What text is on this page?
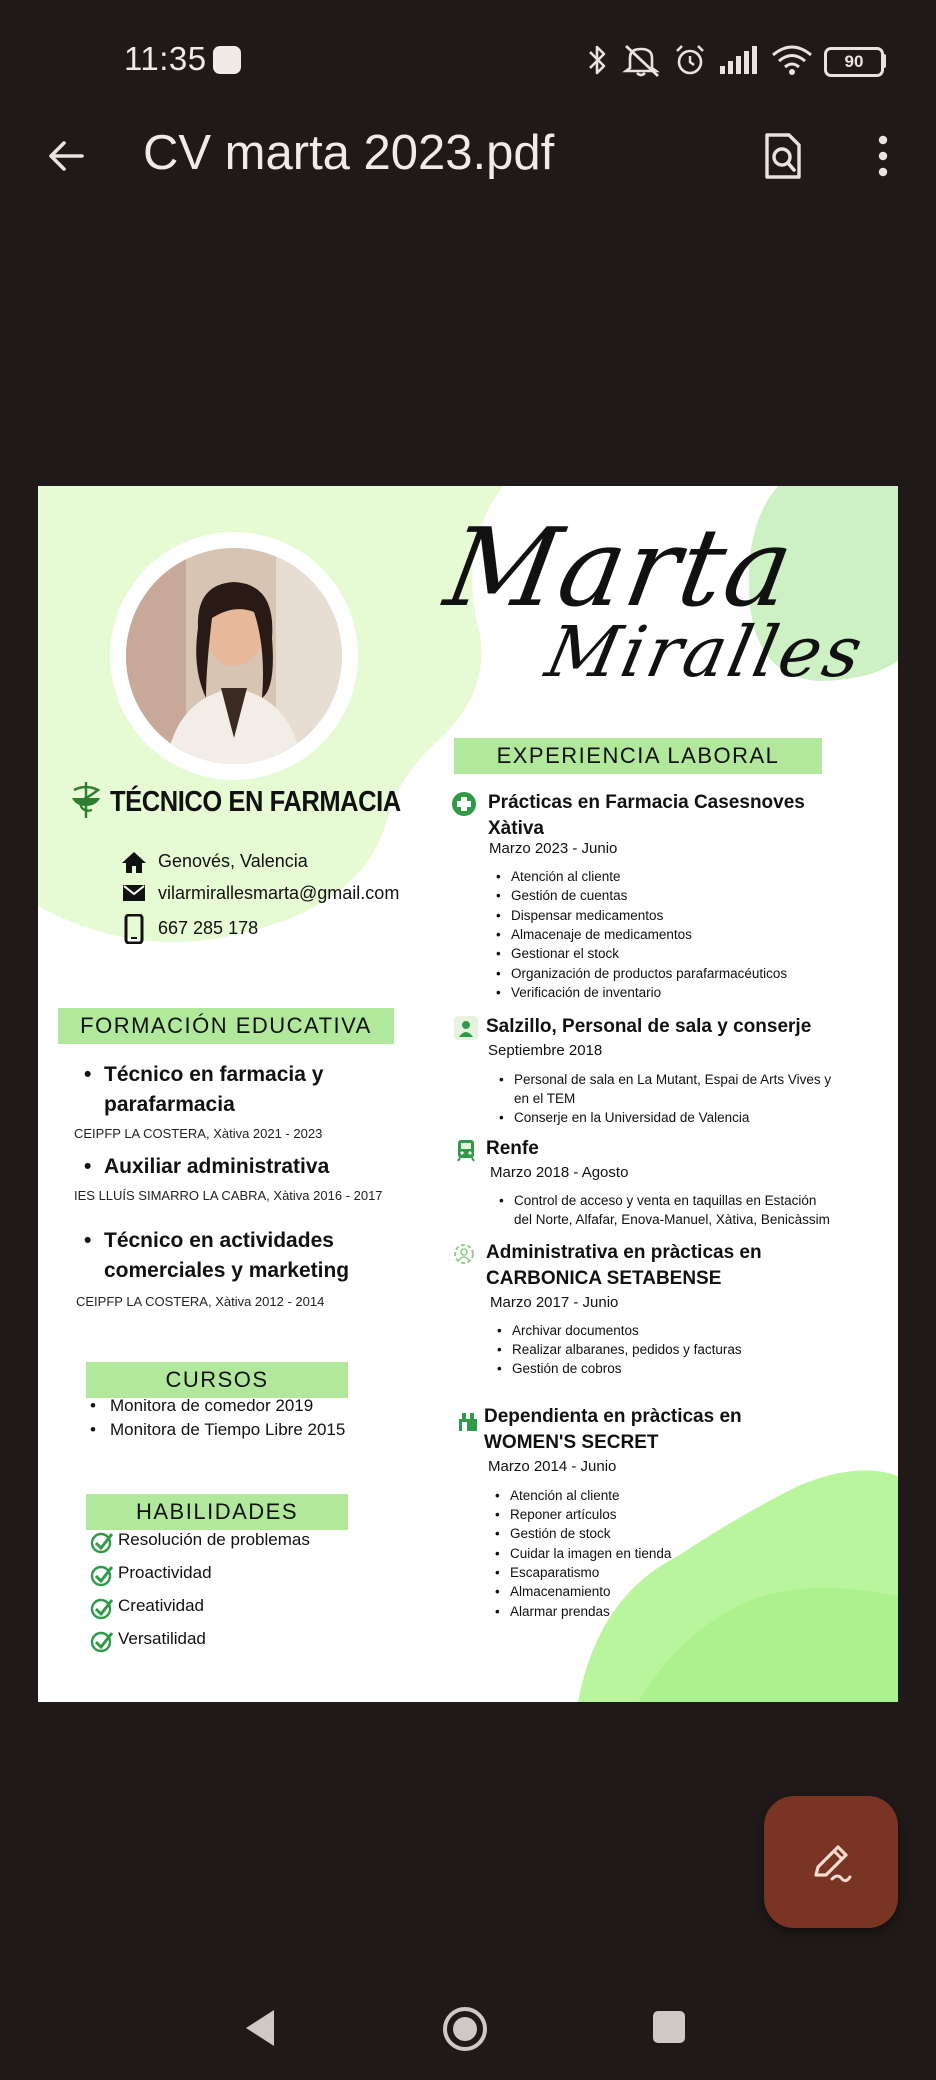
11:35	90
CV marta 2023.pdf
Marta
Miralles
TÉCNICO EN FARMACIA
Genovés, Valencia
vilarmirallesmarta@gmail.com
667 285 178
FORMACIÓN EDUCATIVA
• Técnico en farmacia y
parafarmacia
CEIPFP LA COSTERA, Xàtiva 2021 - 2023
• Auxiliar administrativa
IES LLUÍS SIMARRO LA CABRA, Xàtiva 2016 - 2017
• Técnico en actividades
comerciales y marketing
CEIPFP LA COSTERA, Xàtiva 2012 - 2014
CURSOS
• Monitora de comedor 2019
• Monitora de Tiempo Libre 2015
HABILIDADES
Resolución de problemas
Proactividad
Creatividad
Versatilidad
EXPERIENCIA LABORAL
Prácticas en Farmacia Casesnoves
Xàtiva
Marzo 2023 - Junio
• Atención al cliente
• Gestión de cuentas
• Dispensar medicamentos
• Almacenaje de medicamentos
• Gestionar el stock
• Organización de productos parafarmacéuticos
• Verificación de inventario
Salzillo, Personal de sala y conserje
Septiembre 2018
• Personal de sala en La Mutant, Espai de Arts Vives y
en el TEM
• Conserje en la Universidad de Valencia
Renfe
Marzo 2018 - Agosto
• Control de acceso y venta en taquillas en Estación
del Norte, Alfafar, Enova-Manuel, Xàtiva, Benicàssim
Administrativa en pràcticas en
CARBONICA SETABENSE
Marzo 2017 - Junio
• Archivar documentos
• Realizar albaranes, pedidos y facturas
• Gestión de cobros
Dependienta en pràcticas en
WOMEN'S SECRET
Marzo 2014 - Junio
• Atención al cliente
• Reponer artículos
• Gestión de stock
• Cuidar la imagen en tienda
• Escaparatismo
• Almacenamiento
• Alarmar prendas
